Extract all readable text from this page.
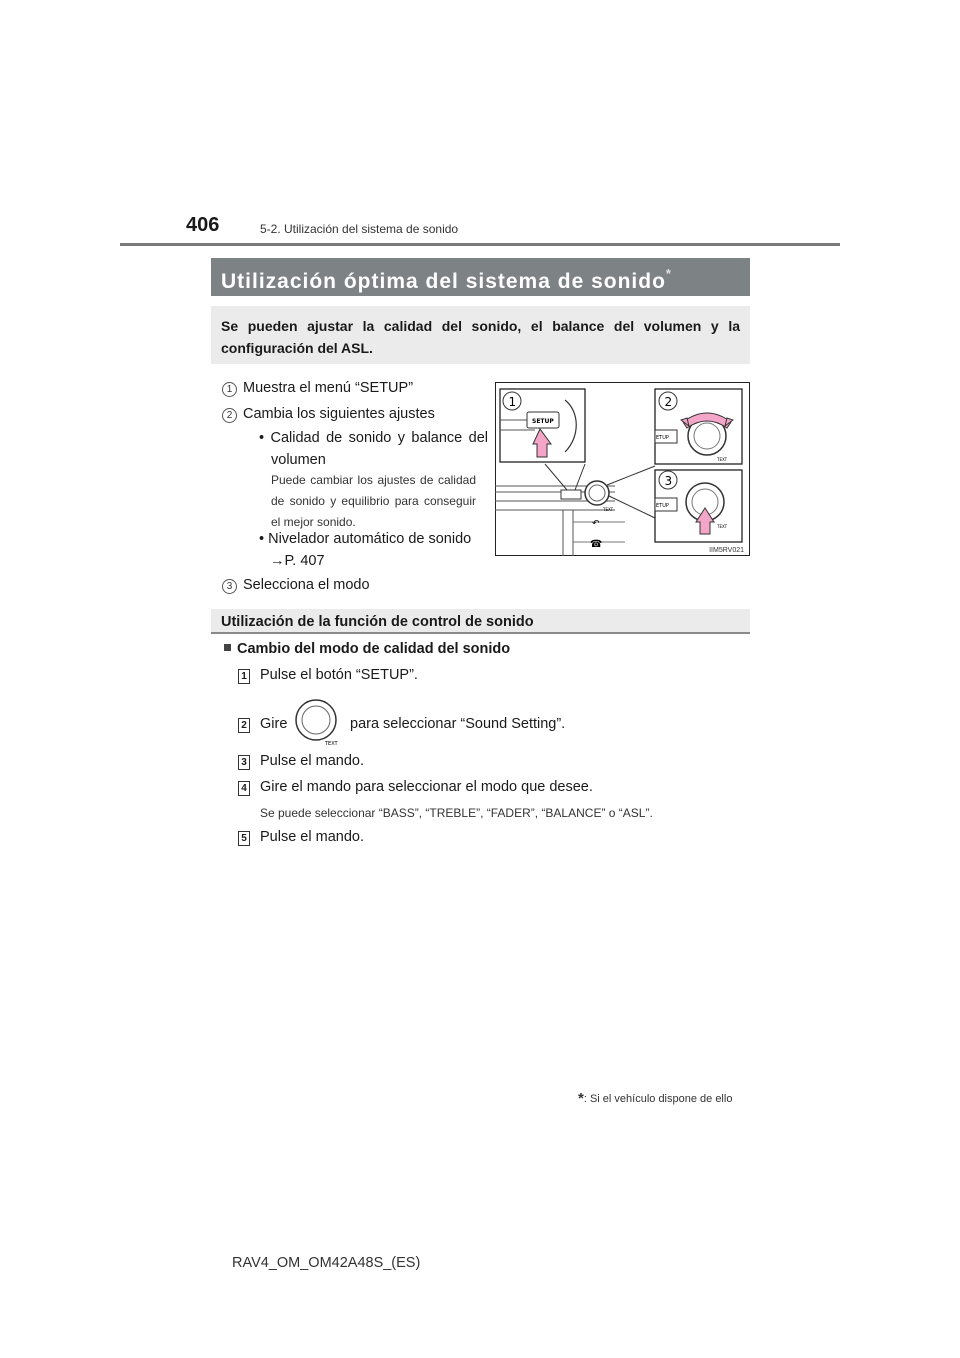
406	5-2. Utilización del sistema de sonido
Utilización óptima del sistema de sonido*
Se pueden ajustar la calidad del sonido, el balance del volumen y la configuración del ASL.
1 Muestra el menú “SETUP”
2 Cambia los siguientes ajustes
• Calidad de sonido y balance del volumen
Puede cambiar los ajustes de calidad de sonido y equilibrio para conseguir el mejor sonido.
• Nivelador automático de sonido
→P. 407
3 Selecciona el modo
↶
☎
TEXT
SETUP
1
ETUP
TEXT
2
ETUP
TEXT
3
IIM5RV021
Utilización de la función de control de sonido
Cambio del modo de calidad del sonido
1 Pulse el botón “SETUP”.
2 Gire
TEXT
para seleccionar “Sound Setting”.
3 Pulse el mando.
4 Gire el mando para seleccionar el modo que desee.
Se puede seleccionar “BASS”, “TREBLE”, “FADER”, “BALANCE” o “ASL”.
5 Pulse el mando.
*: Si el vehículo dispone de ello
RAV4_OM_OM42A48S_(ES)
